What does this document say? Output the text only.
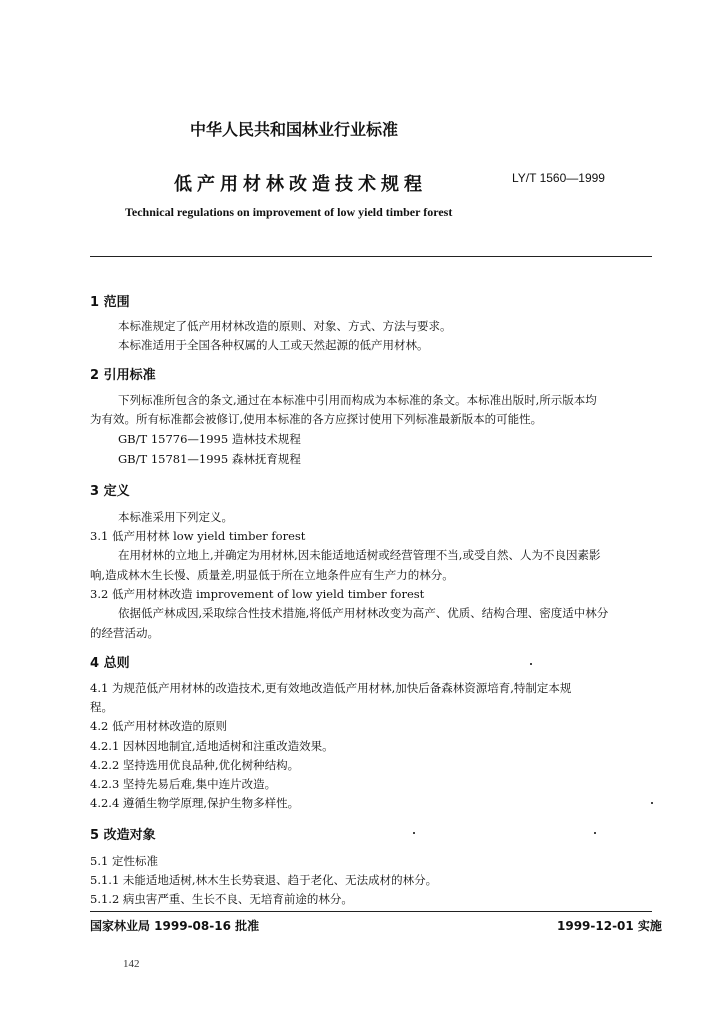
中华人民共和国林业行业标准
低产用材林改造技术规程	LY/T 1560—1999
Technical regulations on improvement of low yield timber forest
1 范围
本标准规定了低产用材林改造的原则、对象、方式、方法与要求。
本标准适用于全国各种权属的人工或天然起源的低产用材林。
2 引用标准
下列标准所包含的条文,通过在本标准中引用而构成为本标准的条文。本标准出版时,所示版本均
为有效。所有标准都会被修订,使用本标准的各方应探讨使用下列标准最新版本的可能性。
GB/T 15776—1995 造林技术规程
GB/T 15781—1995 森林抚育规程
3 定义
本标准采用下列定义。
3.1 低产用材林 low yield timber forest
在用材林的立地上,并确定为用材林,因未能适地适树或经营管理不当,或受自然、人为不良因素影
响,造成林木生长慢、质量差,明显低于所在立地条件应有生产力的林分。
3.2 低产用材林改造 improvement of low yield timber forest
依据低产林成因,采取综合性技术措施,将低产用材林改变为高产、优质、结构合理、密度适中林分
的经营活动。
4 总则
4.1 为规范低产用材林的改造技术,更有效地改造低产用材林,加快后备森林资源培育,特制定本规
程。
4.2 低产用材林改造的原则
4.2.1 因林因地制宜,适地适树和注重改造效果。
4.2.2 坚持选用优良品种,优化树种结构。
4.2.3 坚持先易后难,集中连片改造。
4.2.4 遵循生物学原理,保护生物多样性。
5 改造对象
5.1 定性标准
5.1.1 未能适地适树,林木生长势衰退、趋于老化、无法成材的林分。
5.1.2 病虫害严重、生长不良、无培育前途的林分。
国家林业局 1999-08-16 批准	1999-12-01 实施
142
